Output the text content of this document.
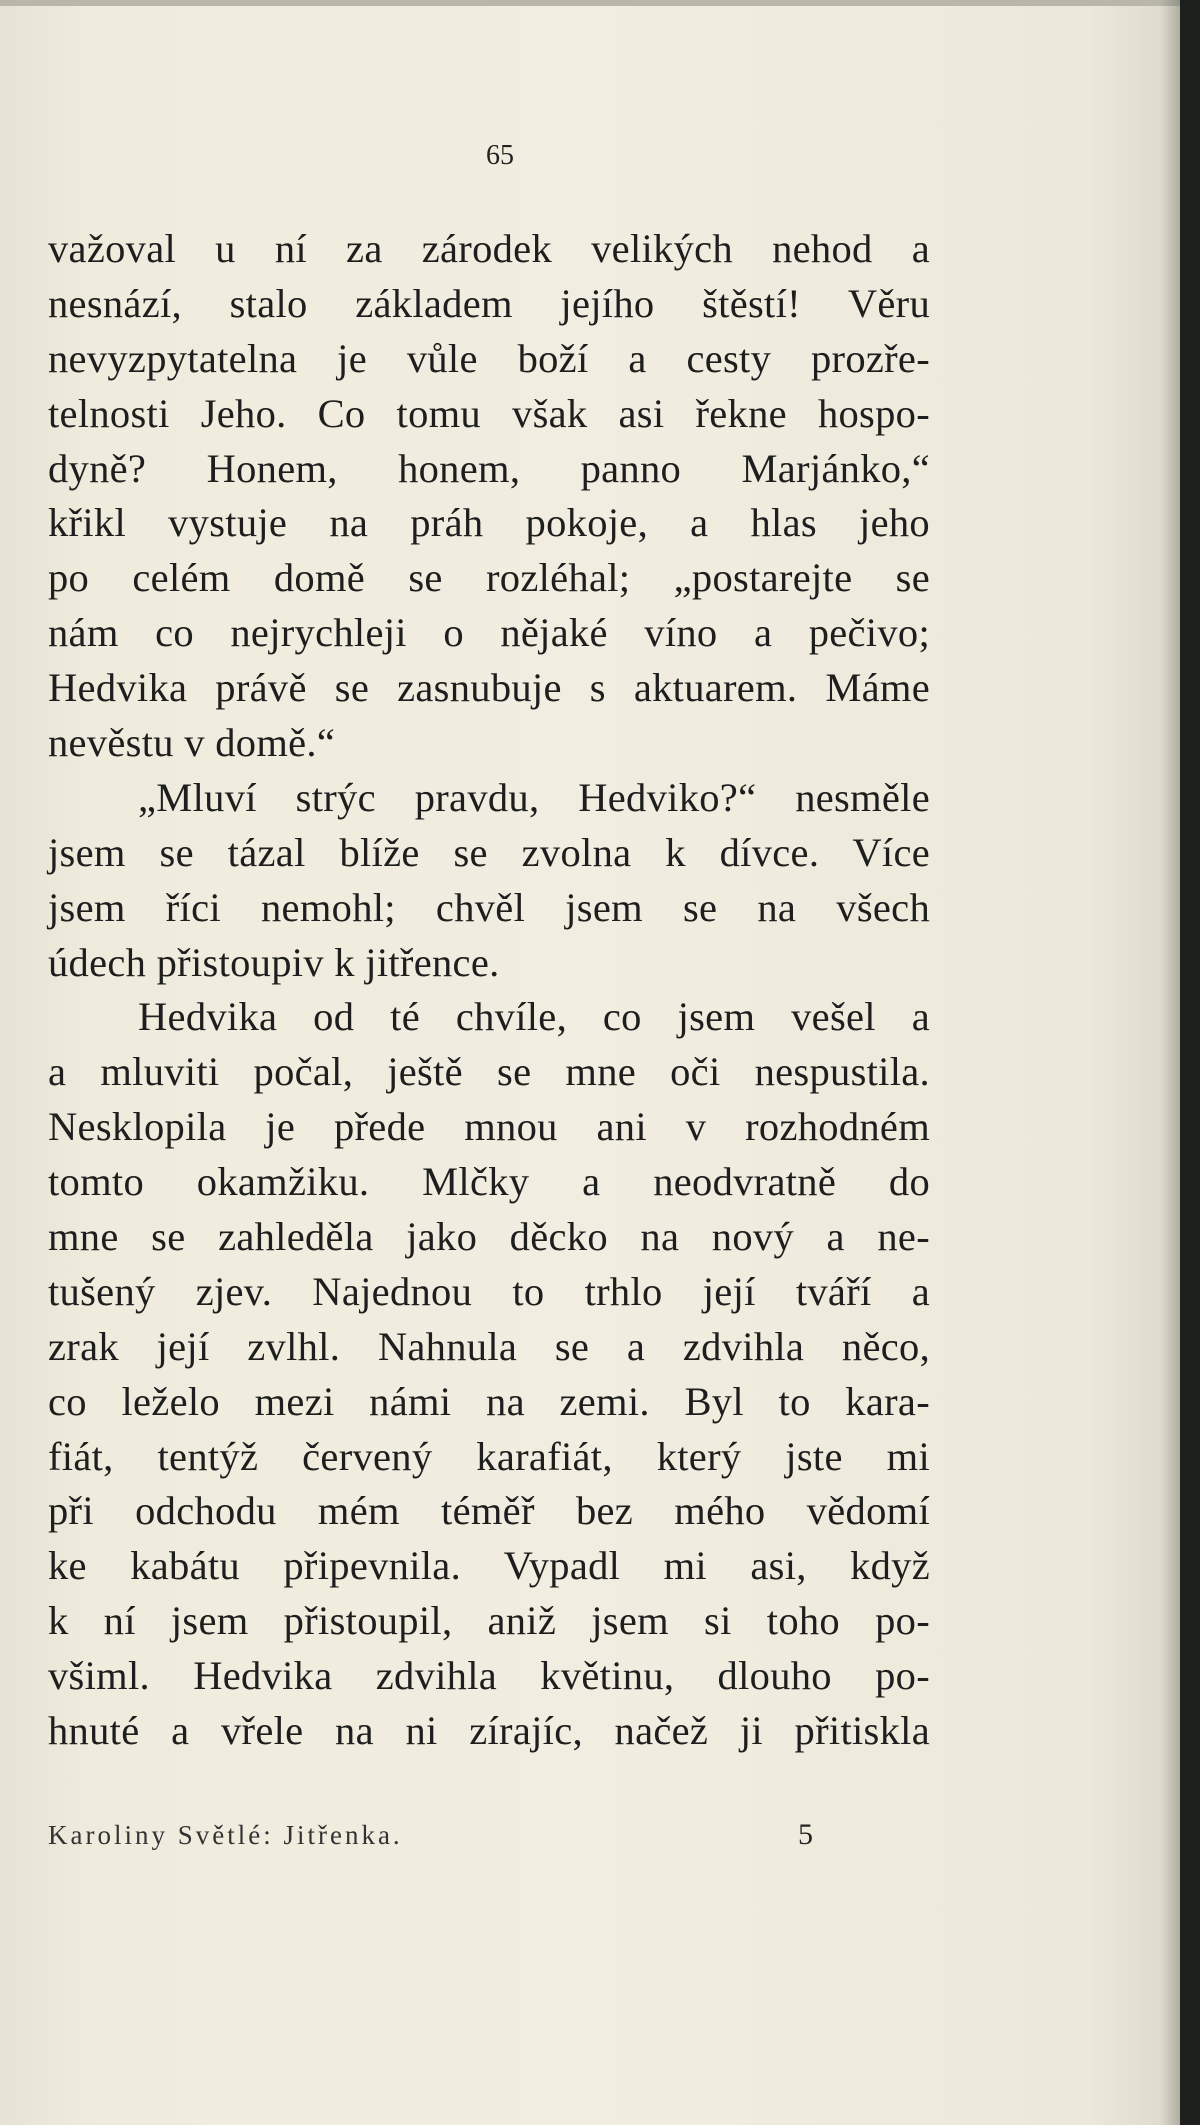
65

važoval u ní za zárodek velikých nehod a
nesnází, stalo základem jejího štěstí! Věru
nevyzpytatelna je vůle boží a cesty prozře-
telnosti Jeho. Co tomu však asi řekne hospo-
dyně? Honem, honem, panno Marjánko,“
křikl vystuje na práh pokoje, a hlas jeho
po celém domě se rozléhal; „postarejte se
nám co nejrychleji o nějaké víno a pečivo;
Hedvika právě se zasnubuje s aktuarem. Máme
nevěstu v domě.“
„Mluví strýc pravdu, Hedviko?“ nesměle
jsem se tázal blíže se zvolna k dívce. Více
jsem říci nemohl; chvěl jsem se na všech
údech přistoupiv k jitřence.
Hedvika od té chvíle, co jsem vešel a
a mluviti počal, ještě se mne oči nespustila.
Nesklopila je přede mnou ani v rozhodném
tomto okamžiku. Mlčky a neodvratně do
mne se zahleděla jako děcko na nový a ne-
tušený zjev. Najednou to trhlo její tváří a
zrak její zvlhl. Nahnula se a zdvihla něco,
co leželo mezi námi na zemi. Byl to kara-
fiát, tentýž červený karafiát, který jste mi
při odchodu mém téměř bez mého vědomí
ke kabátu připevnila. Vypadl mi asi, když
k ní jsem přistoupil, aniž jsem si toho po-
všiml. Hedvika zdvihla květinu, dlouho po-
hnuté a vřele na ni zírajíc, načež ji přitiskla
Karoliny Světlé: Jitřenka.	5
